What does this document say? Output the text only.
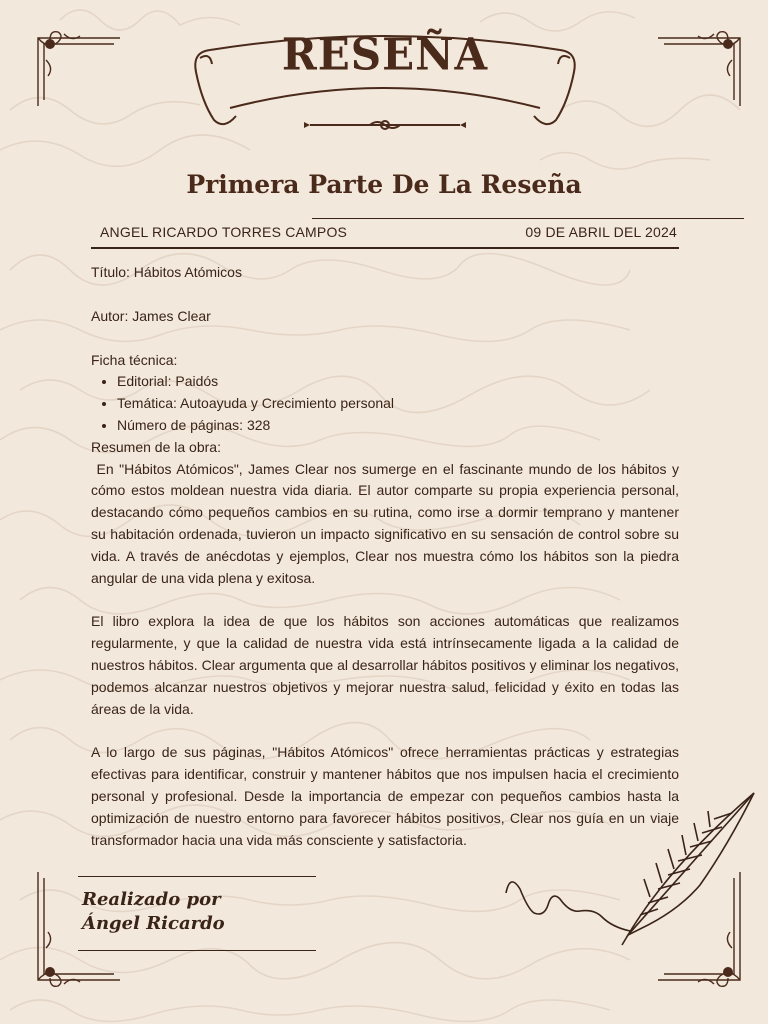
RESEÑA
Primera Parte De La Reseña
ANGEL RICARDO TORRES CAMPOS	09 DE ABRIL DEL 2024

Título: Hábitos Atómicos

Autor: James Clear

Ficha técnica:

• Editorial: Paidós
• Temática: Autoayuda y Crecimiento personal
• Número de páginas: 328

Resumen de la obra:

En "Hábitos Atómicos", James Clear nos sumerge en el fascinante mundo de los hábitos y cómo estos moldean nuestra vida diaria. El autor comparte su propia experiencia personal, destacando cómo pequeños cambios en su rutina, como irse a dormir temprano y mantener su habitación ordenada, tuvieron un impacto significativo en su sensación de control sobre su vida. A través de anécdotas y ejemplos, Clear nos muestra cómo los hábitos son la piedra angular de una vida plena y exitosa.

El libro explora la idea de que los hábitos son acciones automáticas que realizamos regularmente, y que la calidad de nuestra vida está intrínsecamente ligada a la calidad de nuestros hábitos. Clear argumenta que al desarrollar hábitos positivos y eliminar los negativos, podemos alcanzar nuestros objetivos y mejorar nuestra salud, felicidad y éxito en todas las áreas de la vida.

A lo largo de sus páginas, "Hábitos Atómicos" ofrece herramientas prácticas y estrategias efectivas para identificar, construir y mantener hábitos que nos impulsen hacia el crecimiento personal y profesional. Desde la importancia de empezar con pequeños cambios hasta la optimización de nuestro entorno para favorecer hábitos positivos, Clear nos guía en un viaje transformador hacia una vida más consciente y satisfactoria.

Realizado por
Ángel Ricardo
